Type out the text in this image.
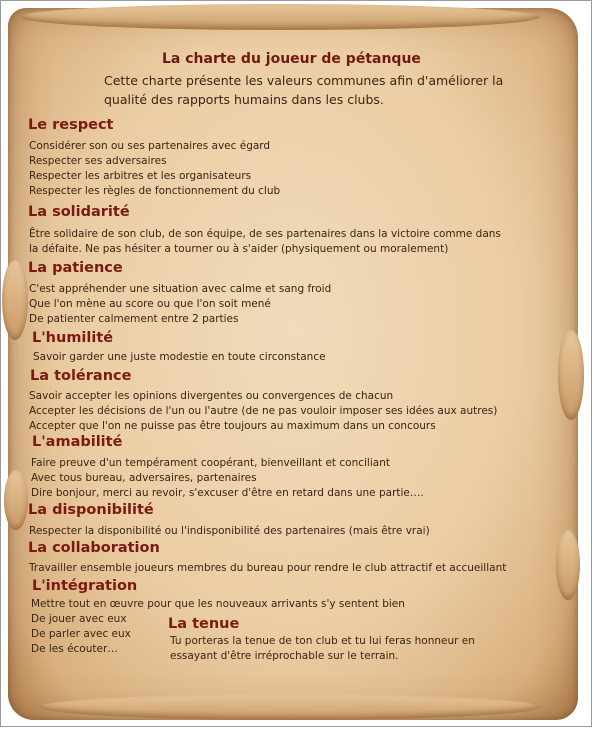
La charte du joueur de pétanque

Cette charte présente les valeurs communes afin d'améliorer la qualité des rapports humains dans les clubs.

Le respect
Considérer son ou ses partenaires avec égard
Respecter ses adversaires
Respecter les arbitres et les organisateurs
Respecter les règles de fonctionnement du club
La solidarité
Être solidaire de son club, de son équipe, de ses partenaires dans la victoire comme dans
la défaite. Ne pas hésiter a tourner ou à s'aider (physiquement ou moralement)
La patience
C'est appréhender une situation avec calme et sang froid
Que l'on mène au score ou que l'on soit mené
De patienter calmement entre 2 parties
L'humilité
Savoir garder une juste modestie en toute circonstance
La tolérance
Savoir accepter les opinions divergentes ou convergences de chacun
Accepter les décisions de l'un ou l'autre (de ne pas vouloir imposer ses idées aux autres)
Accepter que l'on ne puisse pas être toujours au maximum dans un concours
L'amabilité
Faire preuve d'un tempérament coopérant, bienveillant et conciliant
Avec tous bureau, adversaires, partenaires
Dire bonjour, merci au revoir, s'excuser d'être en retard dans une partie….
La disponibilité
Respecter la disponibilité ou l'indisponibilité des partenaires (mais être vrai)
La collaboration
Travailler ensemble joueurs membres du bureau pour rendre le club attractif et accueillant
L'intégration
Mettre tout en œuvre pour que les nouveaux arrivants s'y sentent bien
De jouer avec eux
De parler avec eux
De les écouter…
La tenue
Tu porteras la tenue de ton club et tu lui feras honneur en
essayant d'être irréprochable sur le terrain.
